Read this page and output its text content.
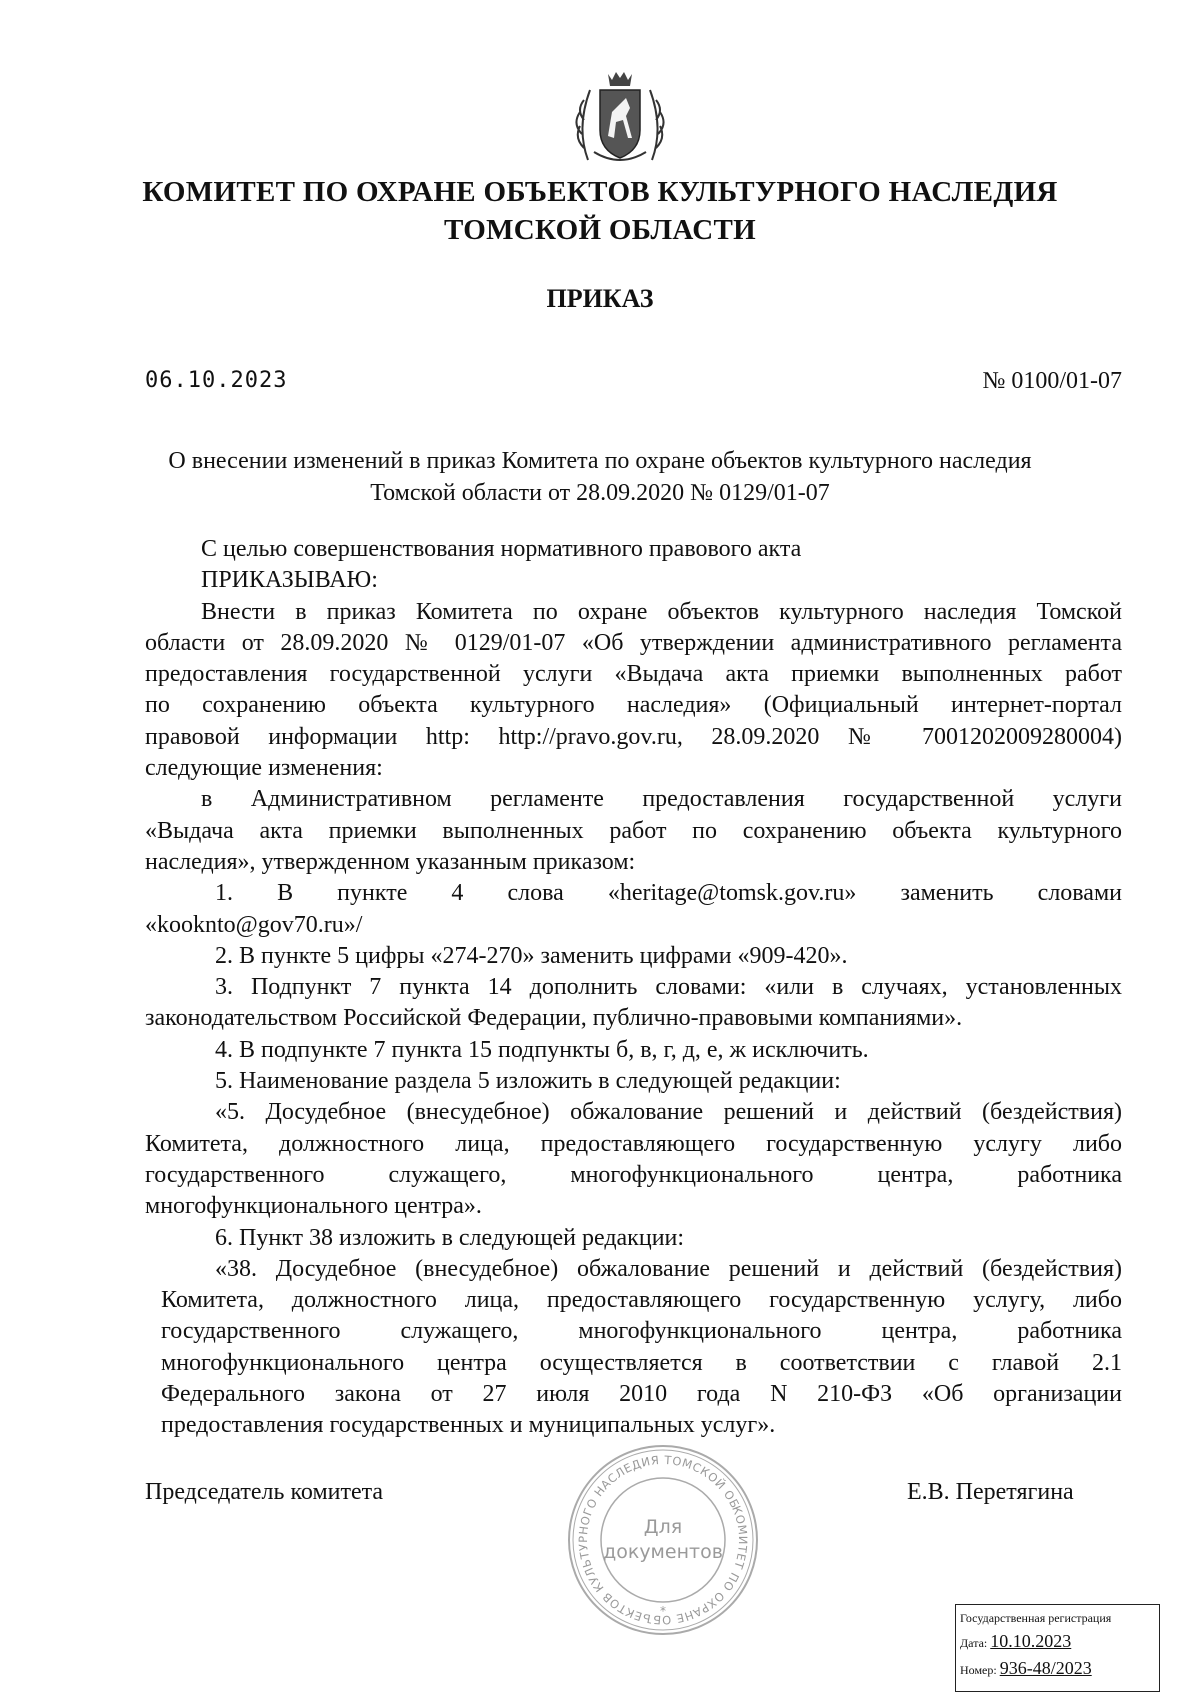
КОМИТЕТ ПО ОХРАНЕ ОБЪЕКТОВ КУЛЬТУРНОГО НАСЛЕДИЯ
ТОМСКОЙ ОБЛАСТИ
ПРИКАЗ
06.10.2023	№ 0100/01-07
О внесении изменений в приказ Комитета по охране объектов культурного наследия
Томской области от 28.09.2020 № 0129/01-07
С целью совершенствования нормативного правового акта
ПРИКАЗЫВАЮ:
Внести в приказ Комитета по охране объектов культурного наследия Томской
области от 28.09.2020 № 0129/01-07 «Об утверждении административного регламента
предоставления государственной услуги «Выдача акта приемки выполненных работ
по сохранению объекта культурного наследия» (Официальный интернет-портал
правовой информации http: http://pravo.gov.ru, 28.09.2020 № 7001202009280004)
следующие изменения:
в Административном регламенте предоставления государственной услуги
«Выдача акта приемки выполненных работ по сохранению объекта культурного
наследия», утвержденном указанным приказом:
1. В пункте 4 слова «heritage@tomsk.gov.ru» заменить словами
«kooknto@gov70.ru»/
2. В пункте 5 цифры «274-270» заменить цифрами «909-420».
3. Подпункт 7 пункта 14 дополнить словами: «или в случаях, установленных
законодательством Российской Федерации, публично-правовыми компаниями».
4. В подпункте 7 пункта 15 подпункты б, в, г, д, е, ж исключить.
5. Наименование раздела 5 изложить в следующей редакции:
«5. Досудебное (внесудебное) обжалование решений и действий (бездействия)
Комитета, должностного лица, предоставляющего государственную услугу либо
государственного служащего, многофункционального центра, работника
многофункционального центра».
6. Пункт 38 изложить в следующей редакции:
«38. Досудебное (внесудебное) обжалование решений и действий (бездействия)
Комитета, должностного лица, предоставляющего государственную услугу, либо
государственного служащего, многофункционального центра, работника
многофункционального центра осуществляется в соответствии с главой 2.1
Федерального закона от 27 июля 2010 года N 210-ФЗ «Об организации
предоставления государственных и муниципальных услуг».
Председатель комитета	Е.В. Перетягина
КОМИТЕТ ПО ОХРАНЕ ОБЪЕКТОВ КУЛЬТУРНОГО НАСЛЕДИЯ ТОМСКОЙ ОБЛАСТИ
Для
документов
*	Государственная регистрация
Дата: 10.10.2023
Номер: 936-48/2023
